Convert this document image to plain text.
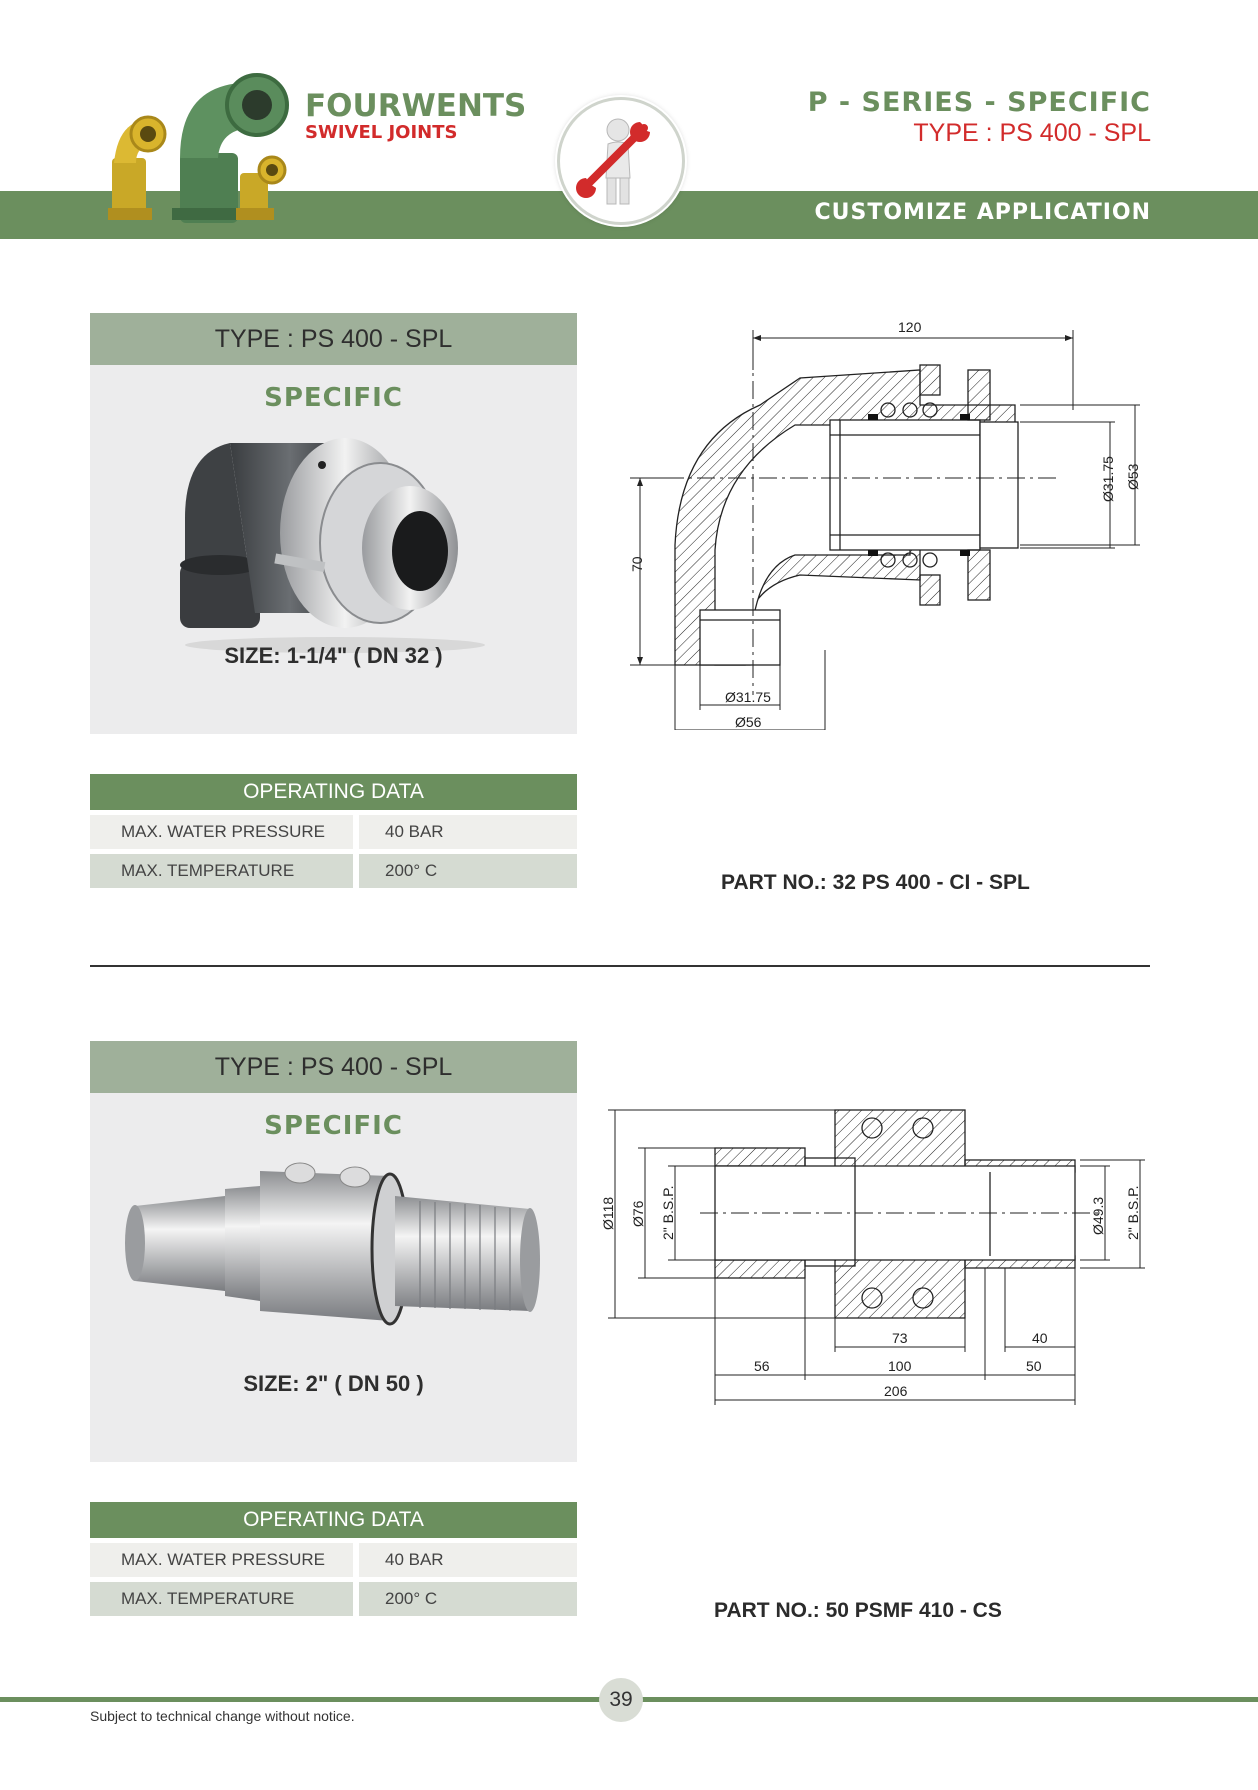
FOURWENTS
SWIVEL JOINTS
P - SERIES - SPECIFIC
TYPE : PS 400 - SPL
CUSTOMIZE APPLICATION
TYPE : PS 400 - SPL
SPECIFIC
SIZE: 1-1/4" ( DN 32 )
120
70
Ø31.75 Ø53
Ø31.75
Ø56
OPERATING DATA
MAX. WATER PRESSURE	40 BAR
MAX. TEMPERATURE	200° C
PART NO.: 32 PS 400 - CI - SPL
TYPE : PS 400 - SPL
SPECIFIC
SIZE: 2" ( DN 50 )
Ø118 Ø76 2" B.S.P.	Ø49.3 2" B.S.P.
73	40
56	100	50
206
OPERATING DATA
MAX. WATER PRESSURE	40 BAR
MAX. TEMPERATURE	200° C
PART NO.: 50 PSMF 410 - CS
39
Subject to technical change without notice.
